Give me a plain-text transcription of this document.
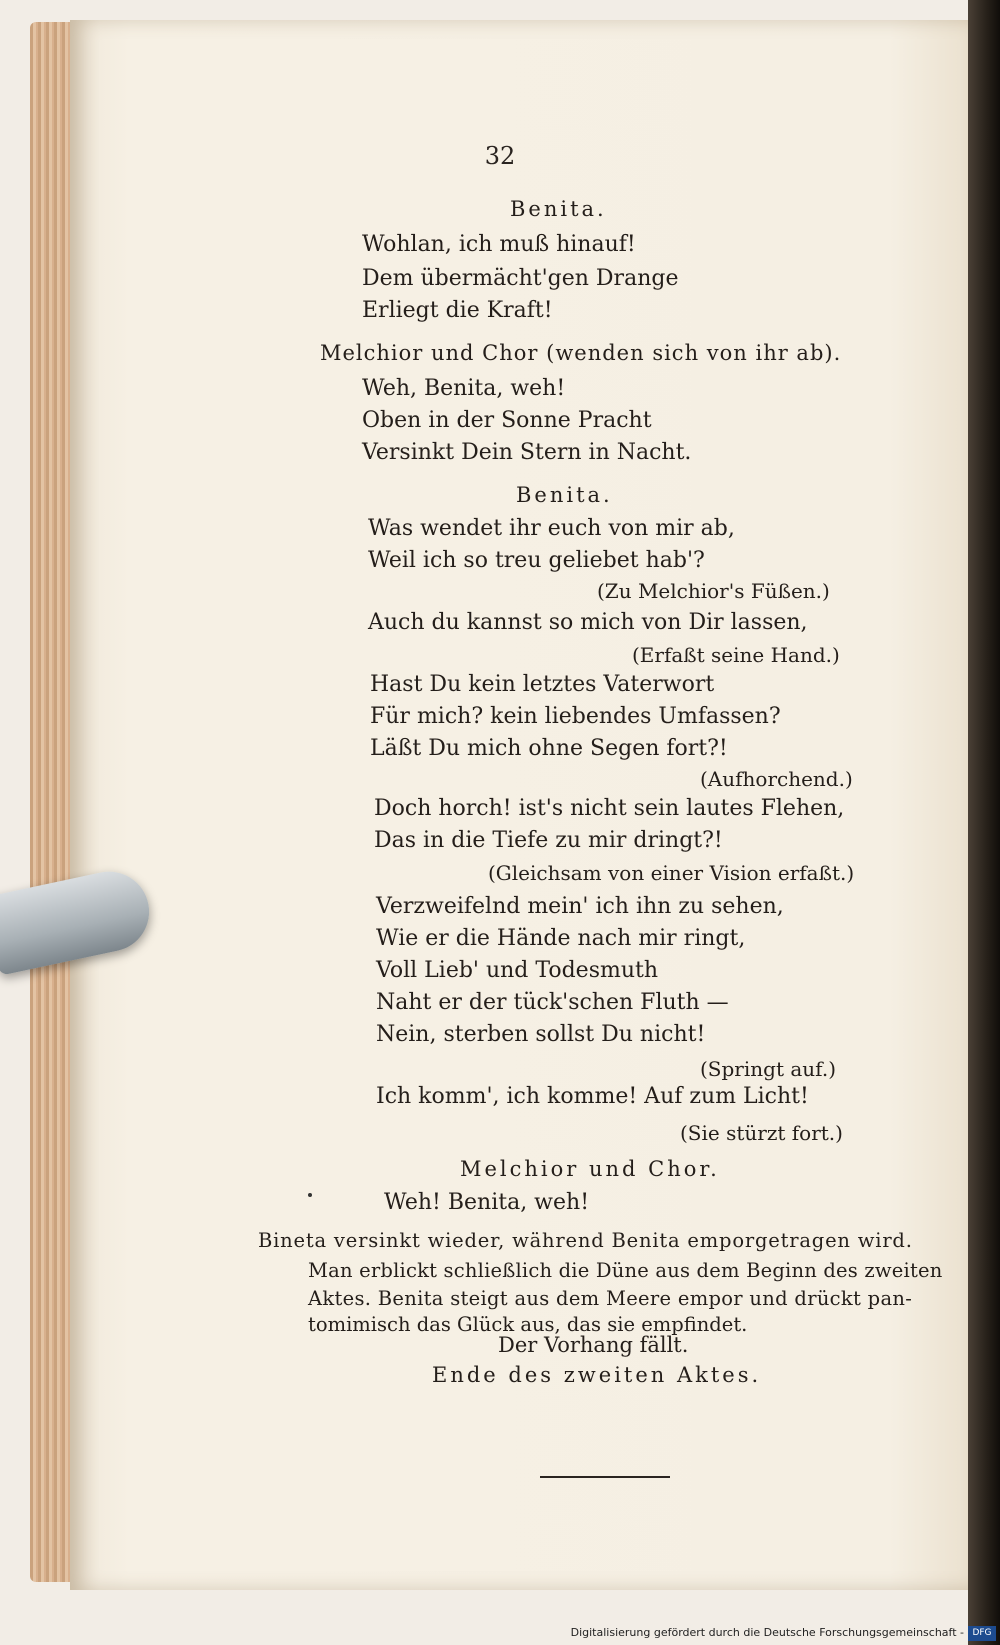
32
Benita.
Wohlan, ich muß hinauf!
Dem übermächt'gen Drange
Erliegt die Kraft!
Melchior und Chor (wenden sich von ihr ab).
Weh, Benita, weh!
Oben in der Sonne Pracht
Versinkt Dein Stern in Nacht.
Benita.
Was wendet ihr euch von mir ab,
Weil ich so treu geliebet hab'?
(Zu Melchior's Füßen.)
Auch du kannst so mich von Dir lassen,
(Erfaßt seine Hand.)
Hast Du kein letztes Vaterwort
Für mich? kein liebendes Umfassen?
Läßt Du mich ohne Segen fort?!
(Aufhorchend.)
Doch horch! ist's nicht sein lautes Flehen,
Das in die Tiefe zu mir dringt?!
(Gleichsam von einer Vision erfaßt.)
Verzweifelnd mein' ich ihn zu sehen,
Wie er die Hände nach mir ringt,
Voll Lieb' und Todesmuth
Naht er der tück'schen Fluth —
Nein, sterben sollst Du nicht!
(Springt auf.)
Ich komm', ich komme! Auf zum Licht!
(Sie stürzt fort.)
Melchior und Chor.
Weh! Benita, weh!
Bineta versinkt wieder, während Benita emporgetragen wird.
Man erblickt schließlich die Düne aus dem Beginn des zweiten
Aktes. Benita steigt aus dem Meere empor und drückt pan-
tomimisch das Glück aus, das sie empfindet.
Der Vorhang fällt.
Ende des zweiten Aktes.
Digitalisierung gefördert durch die Deutsche Forschungsgemeinschaft - DFG
